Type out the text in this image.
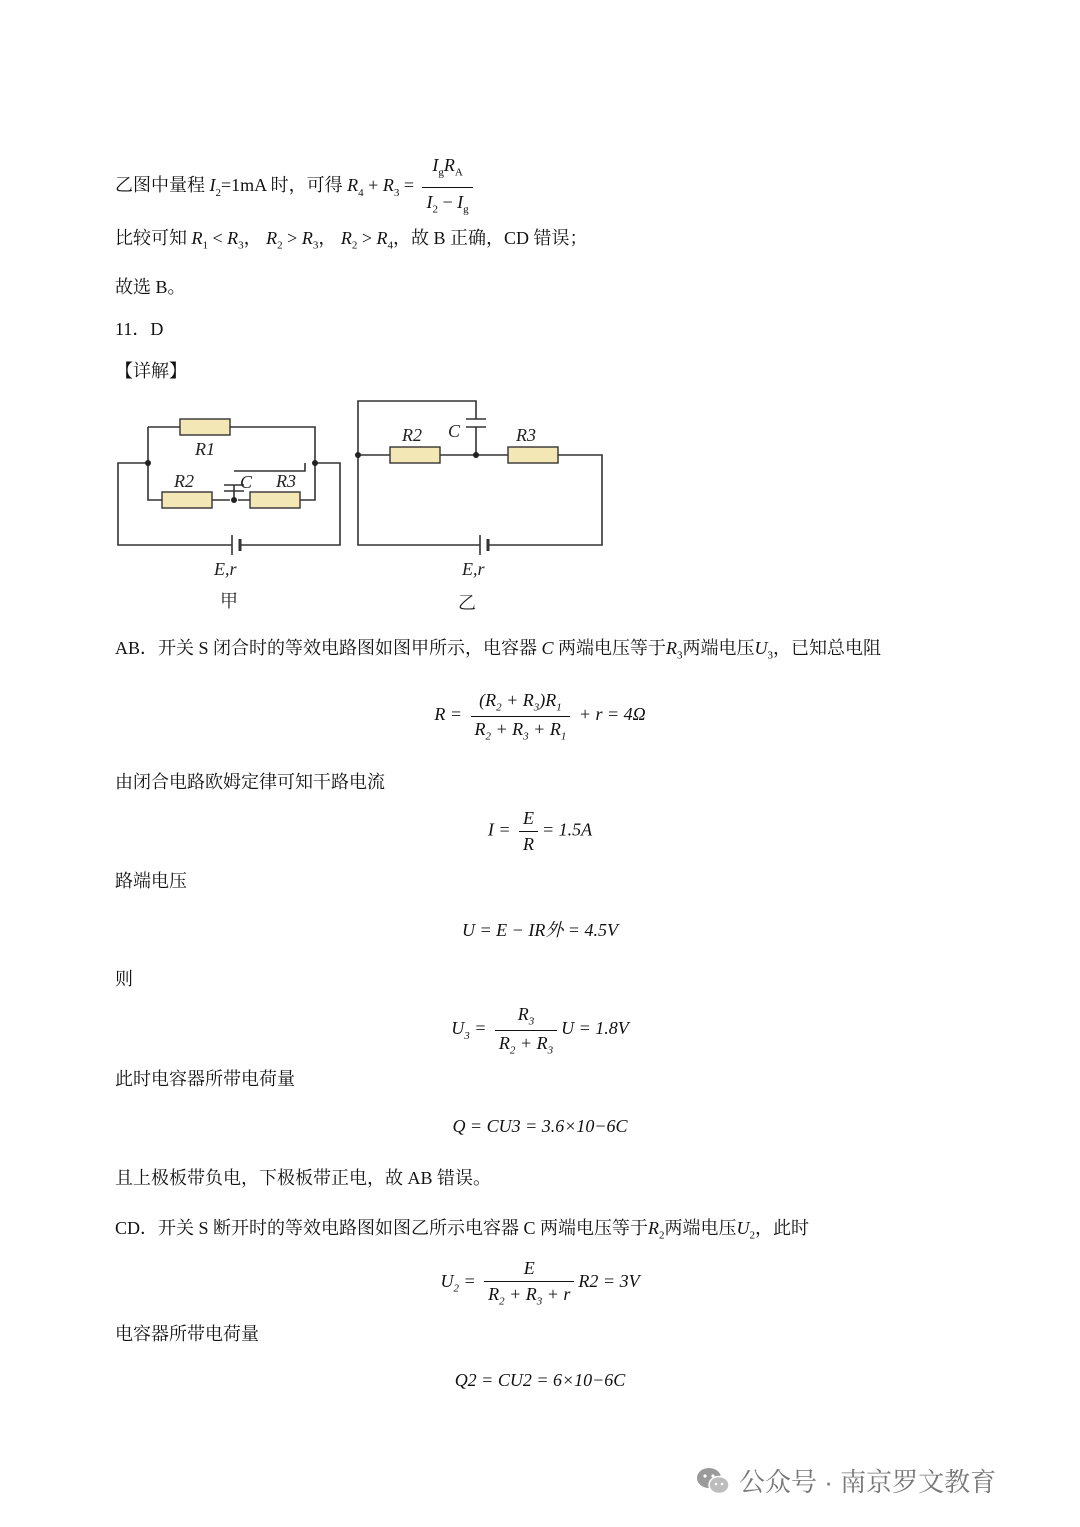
乙图中量程 $I_2=1mA$ 时，可得 $R_4 + R_3 = \frac{I_gR_A}{I_2 - I_g}$
比较可知 $R_1 < R_3$， $R_2 > R_3$， $R_2 > R_4$，故 B 正确，CD 错误；
故选 B。
11．D
【详解】
R1
R2	C R3
E,r
甲
R2 C	R3
E,r
乙
AB．开关 S 闭合时的等效电路图如图甲所示，电容器 C 两端电压等于$R_3$两端电压$U_3$，已知总电阻
$R = \frac{(R_2 + R_3)R_1}{R_2 + R_3 + R_1} + r = 4\Omega$
由闭合电路欧姆定律可知干路电流
$I = \frac{E}{R} = 1.5A$
路端电压
U = E − IR外 = 4.5V
则
$U_3 = \frac{R_3}{R_2 + R_3}$ U = 1.8V
此时电容器所带电荷量
Q = CU3 = 3.6×10−6C
且上极板带负电，下极板带正电，故 AB 错误。
CD．开关 S 断开时的等效电路图如图乙所示电容器 C 两端电压等于$R_2$两端电压$U_2$，此时
$U_2 = \frac{E}{R_2 + R_3 + r} R2 = 3V$
电容器所带电荷量
Q2 = CU2 = 6×10−6C
公众号 · 南京罗文教育
